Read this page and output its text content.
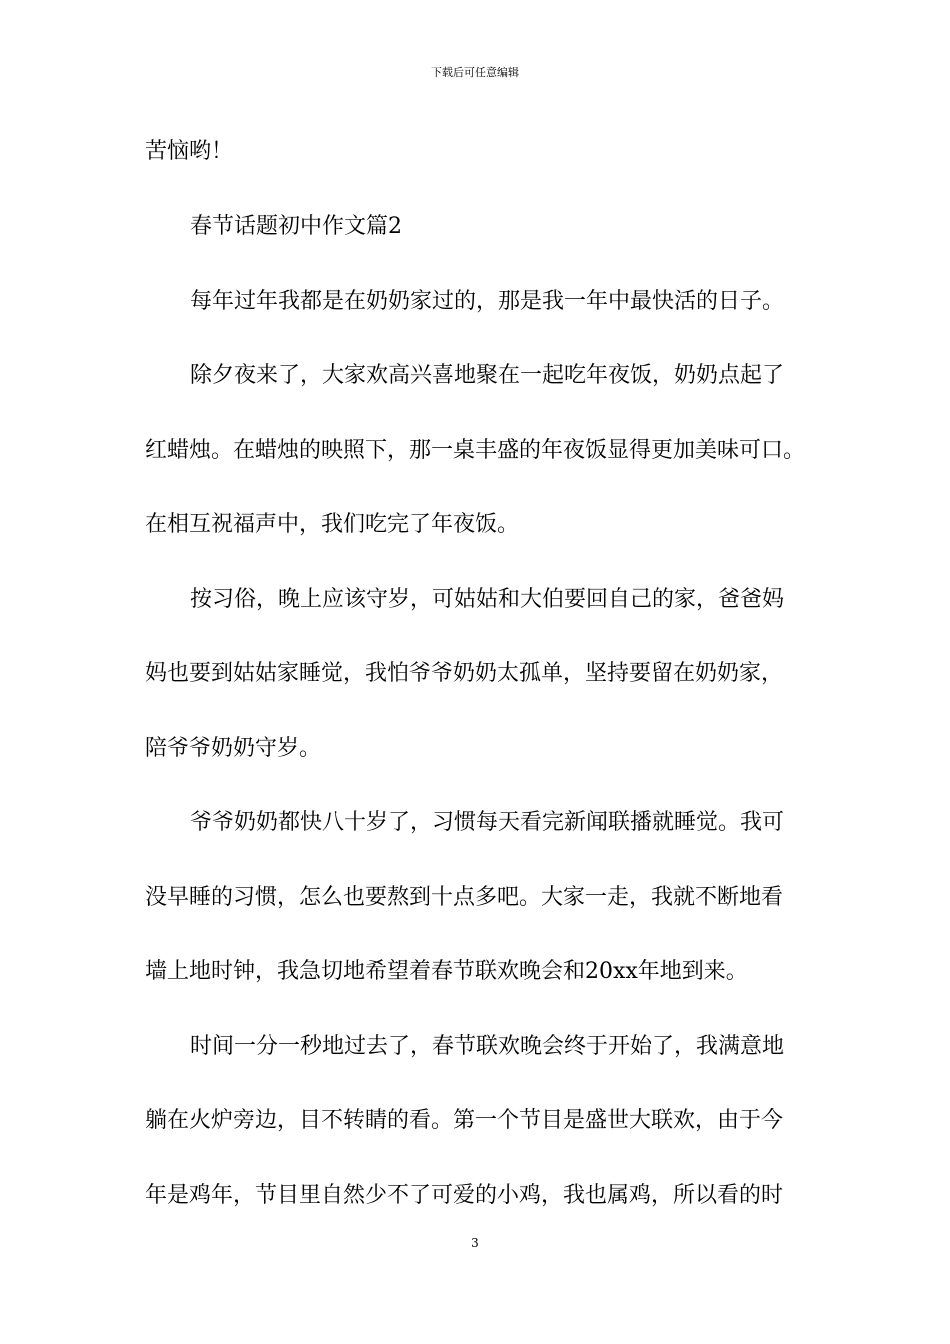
下载后可任意编辑
苦恼哟！
春节话题初中作文篇2
每年过年我都是在奶奶家过的，那是我一年中最快活的日子。
除夕夜来了，大家欢高兴喜地聚在一起吃年夜饭，奶奶点起了
红蜡烛。在蜡烛的映照下，那一桌丰盛的年夜饭显得更加美味可口。
在相互祝福声中，我们吃完了年夜饭。
按习俗，晚上应该守岁，可姑姑和大伯要回自己的家，爸爸妈
妈也要到姑姑家睡觉，我怕爷爷奶奶太孤单，坚持要留在奶奶家，
陪爷爷奶奶守岁。
爷爷奶奶都快八十岁了，习惯每天看完新闻联播就睡觉。我可
没早睡的习惯，怎么也要熬到十点多吧。大家一走，我就不断地看
墙上地时钟，我急切地希望着春节联欢晚会和20xx年地到来。
时间一分一秒地过去了，春节联欢晚会终于开始了，我满意地
躺在火炉旁边，目不转睛的看。第一个节目是盛世大联欢，由于今
年是鸡年，节目里自然少不了可爱的小鸡，我也属鸡，所以看的时
3
